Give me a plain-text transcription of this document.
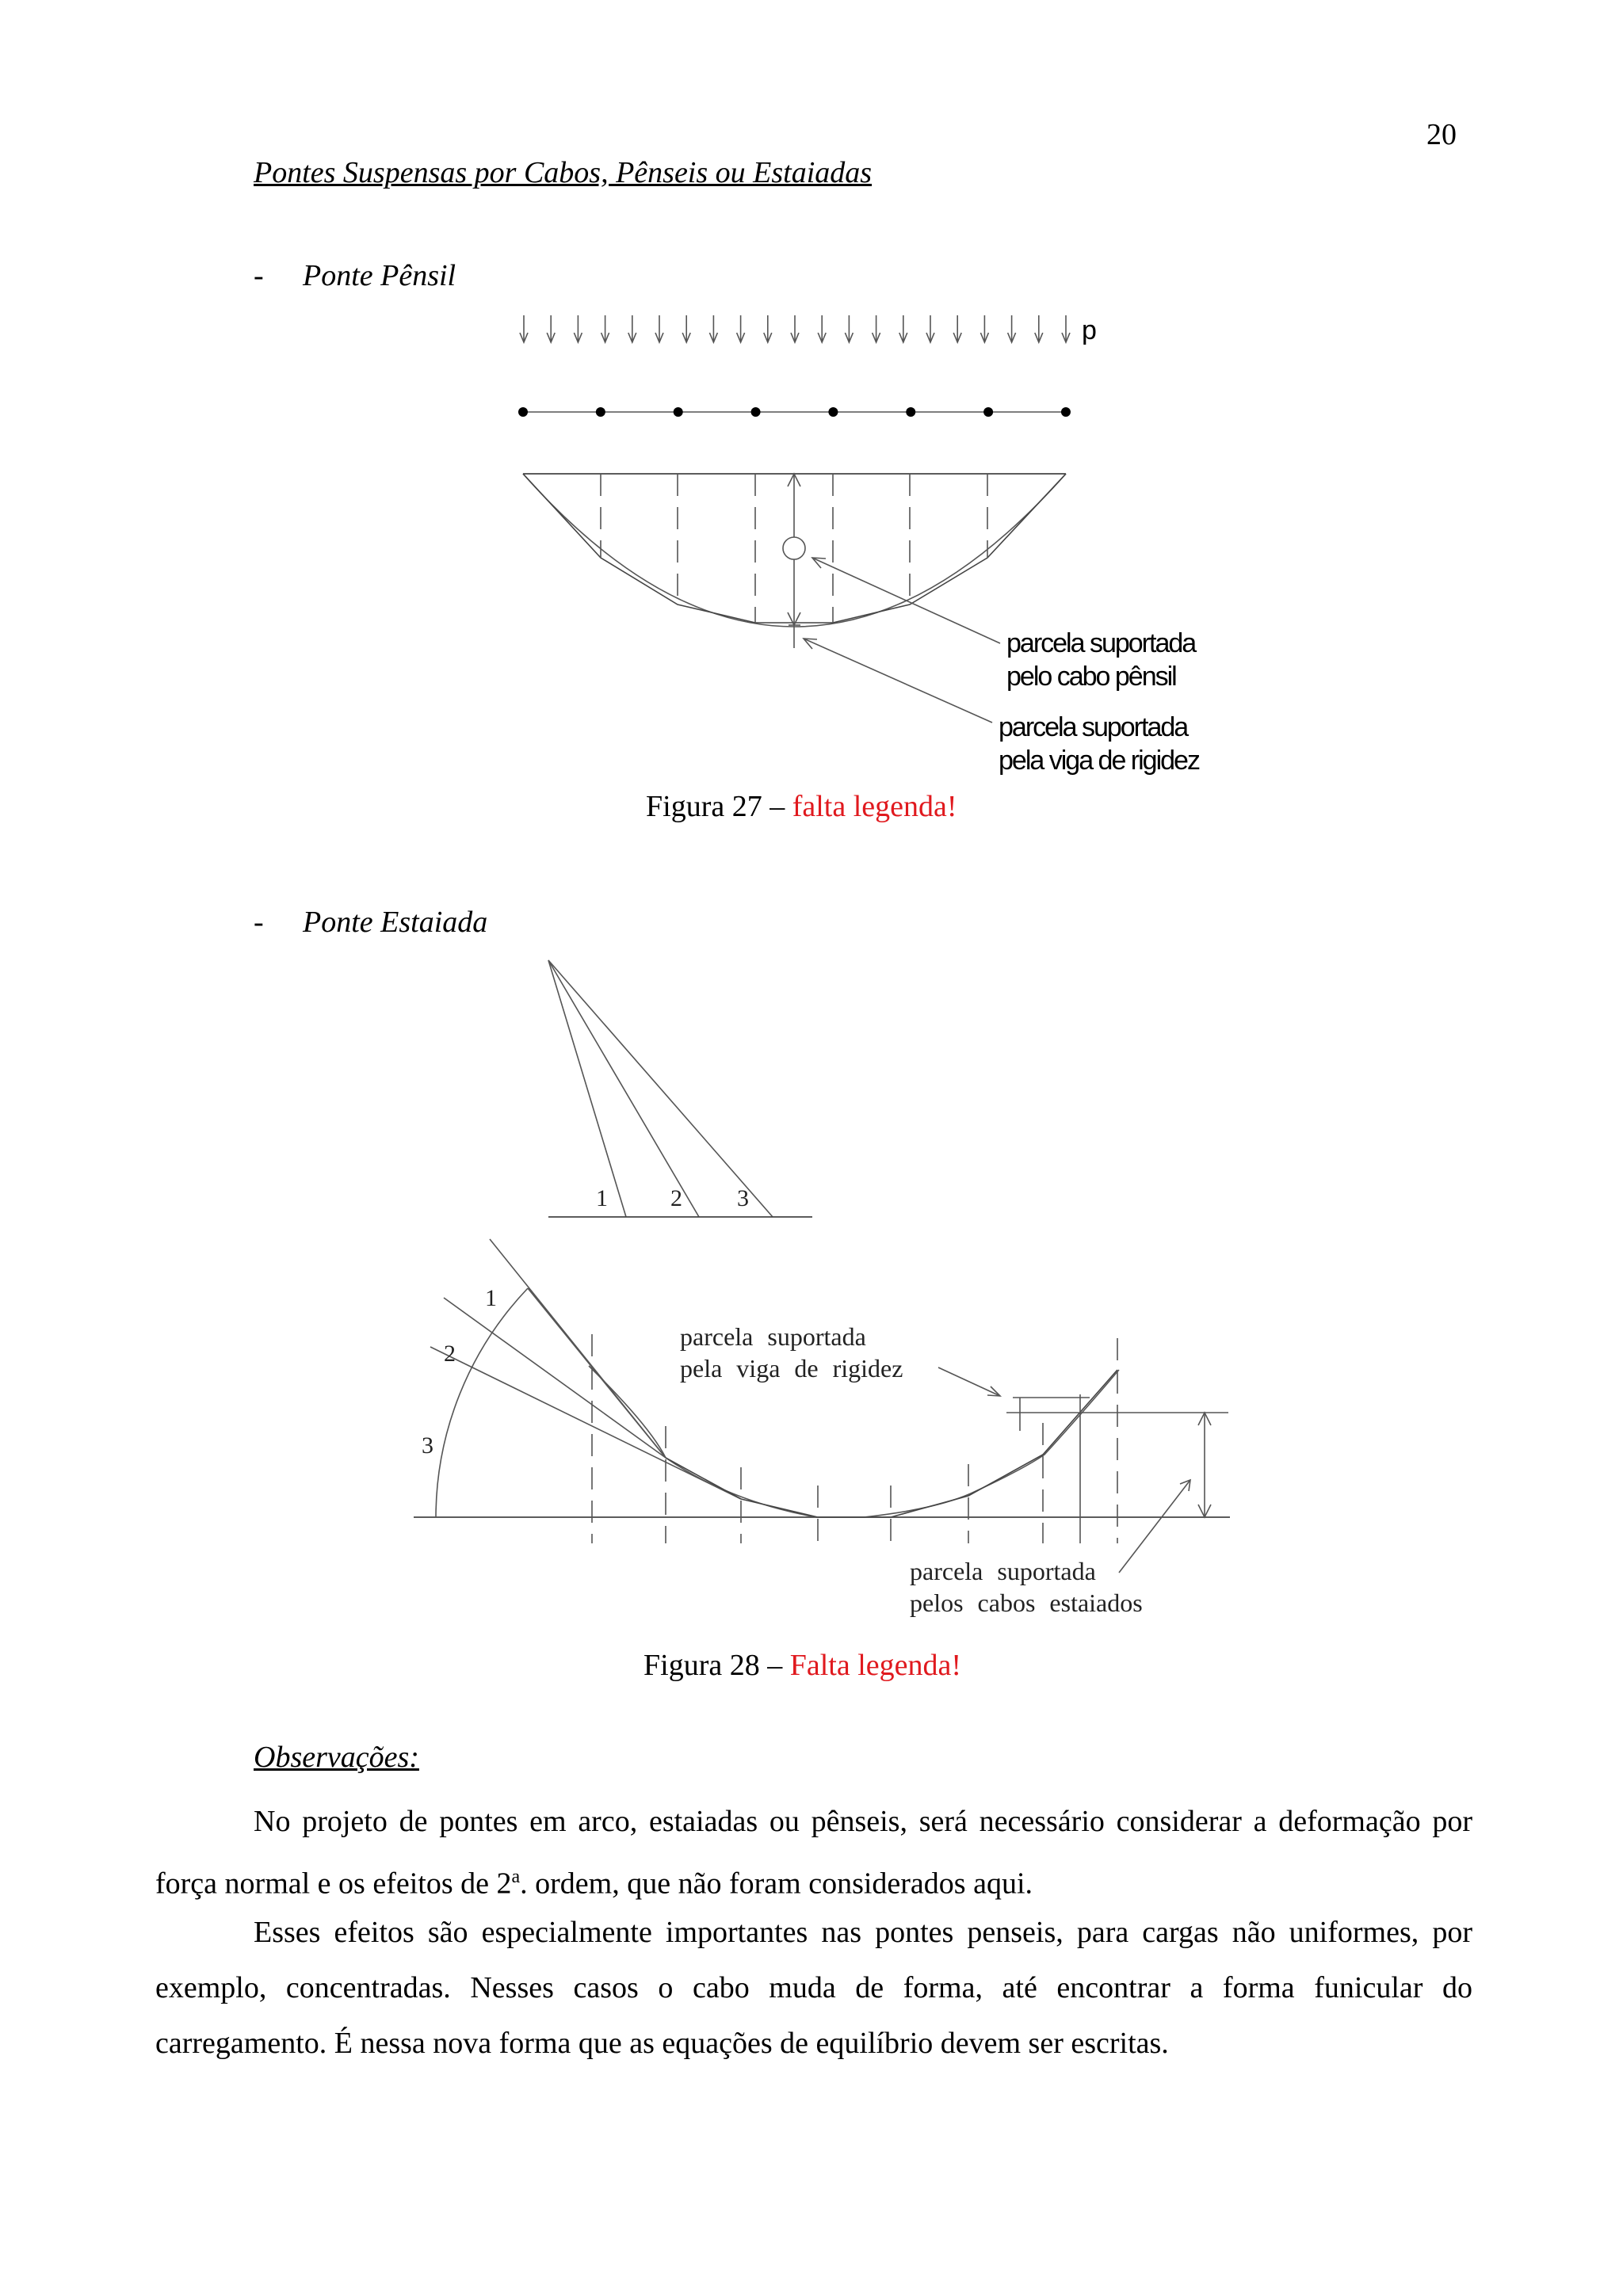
20
Pontes Suspensas por Cabos, Pênseis ou Estaiadas
- Ponte Pênsil
p
parcela suportada
pelo cabo pênsil
parcela suportada
pela viga de rigidez
Figura 27 – falta legenda!
- Ponte Estaiada
1	2 3
1
2
3
parcela suportada
pela viga de rigidez
parcela suportada
pelos cabos estaiados
Figura 28 – Falta legenda!
Observações:
No projeto de pontes em arco, estaiadas ou pênseis, será necessário considerar a deformação por força normal e os efeitos de 2$^a$. ordem, que não foram considerados aqui.
Esses efeitos são especialmente importantes nas pontes penseis, para cargas não uniformes, por exemplo, concentradas. Nesses casos o cabo muda de forma, até encontrar a forma funicular do carregamento. É nessa nova forma que as equações de equilíbrio devem ser escritas.
